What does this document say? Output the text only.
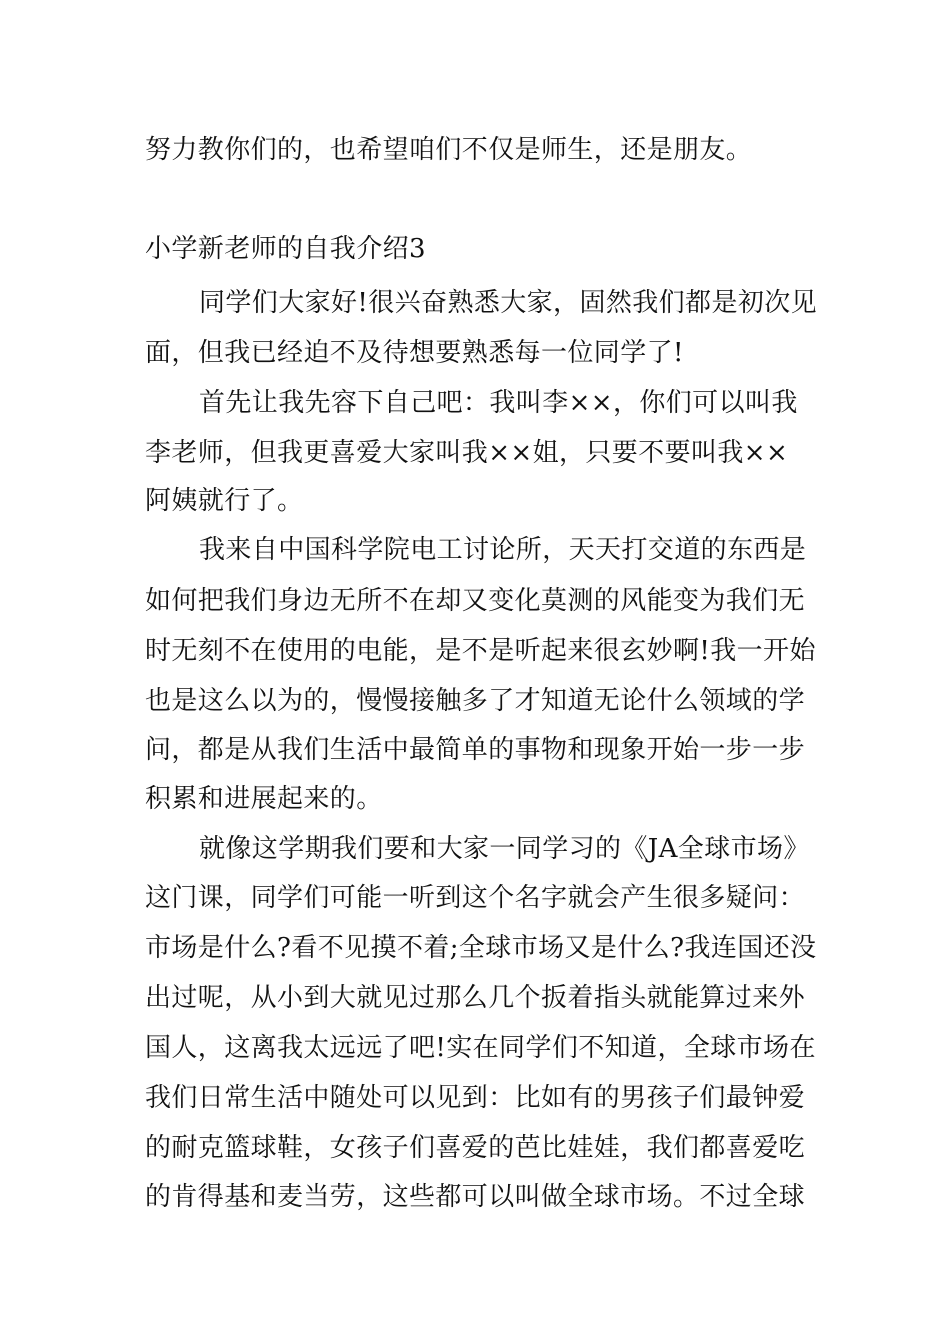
努力教你们的，也希望咱们不仅是师生，还是朋友。
小学新老师的自我介绍3
同学们大家好!很兴奋熟悉大家，固然我们都是初次见
面，但我已经迫不及待想要熟悉每一位同学了!
首先让我先容下自己吧：我叫李××，你们可以叫我
李老师，但我更喜爱大家叫我××姐，只要不要叫我××
阿姨就行了。
我来自中国科学院电工讨论所，天天打交道的东西是
如何把我们身边无所不在却又变化莫测的风能变为我们无
时无刻不在使用的电能，是不是听起来很玄妙啊!我一开始
也是这么以为的，慢慢接触多了才知道无论什么领域的学
问，都是从我们生活中最简单的事物和现象开始一步一步
积累和进展起来的。
就像这学期我们要和大家一同学习的《JA全球市场》
这门课，同学们可能一听到这个名字就会产生很多疑问：
市场是什么?看不见摸不着;全球市场又是什么?我连国还没
出过呢，从小到大就见过那么几个扳着指头就能算过来外
国人，这离我太远远了吧!实在同学们不知道，全球市场在
我们日常生活中随处可以见到：比如有的男孩子们最钟爱
的耐克篮球鞋，女孩子们喜爱的芭比娃娃，我们都喜爱吃
的肯得基和麦当劳，这些都可以叫做全球市场。不过全球
